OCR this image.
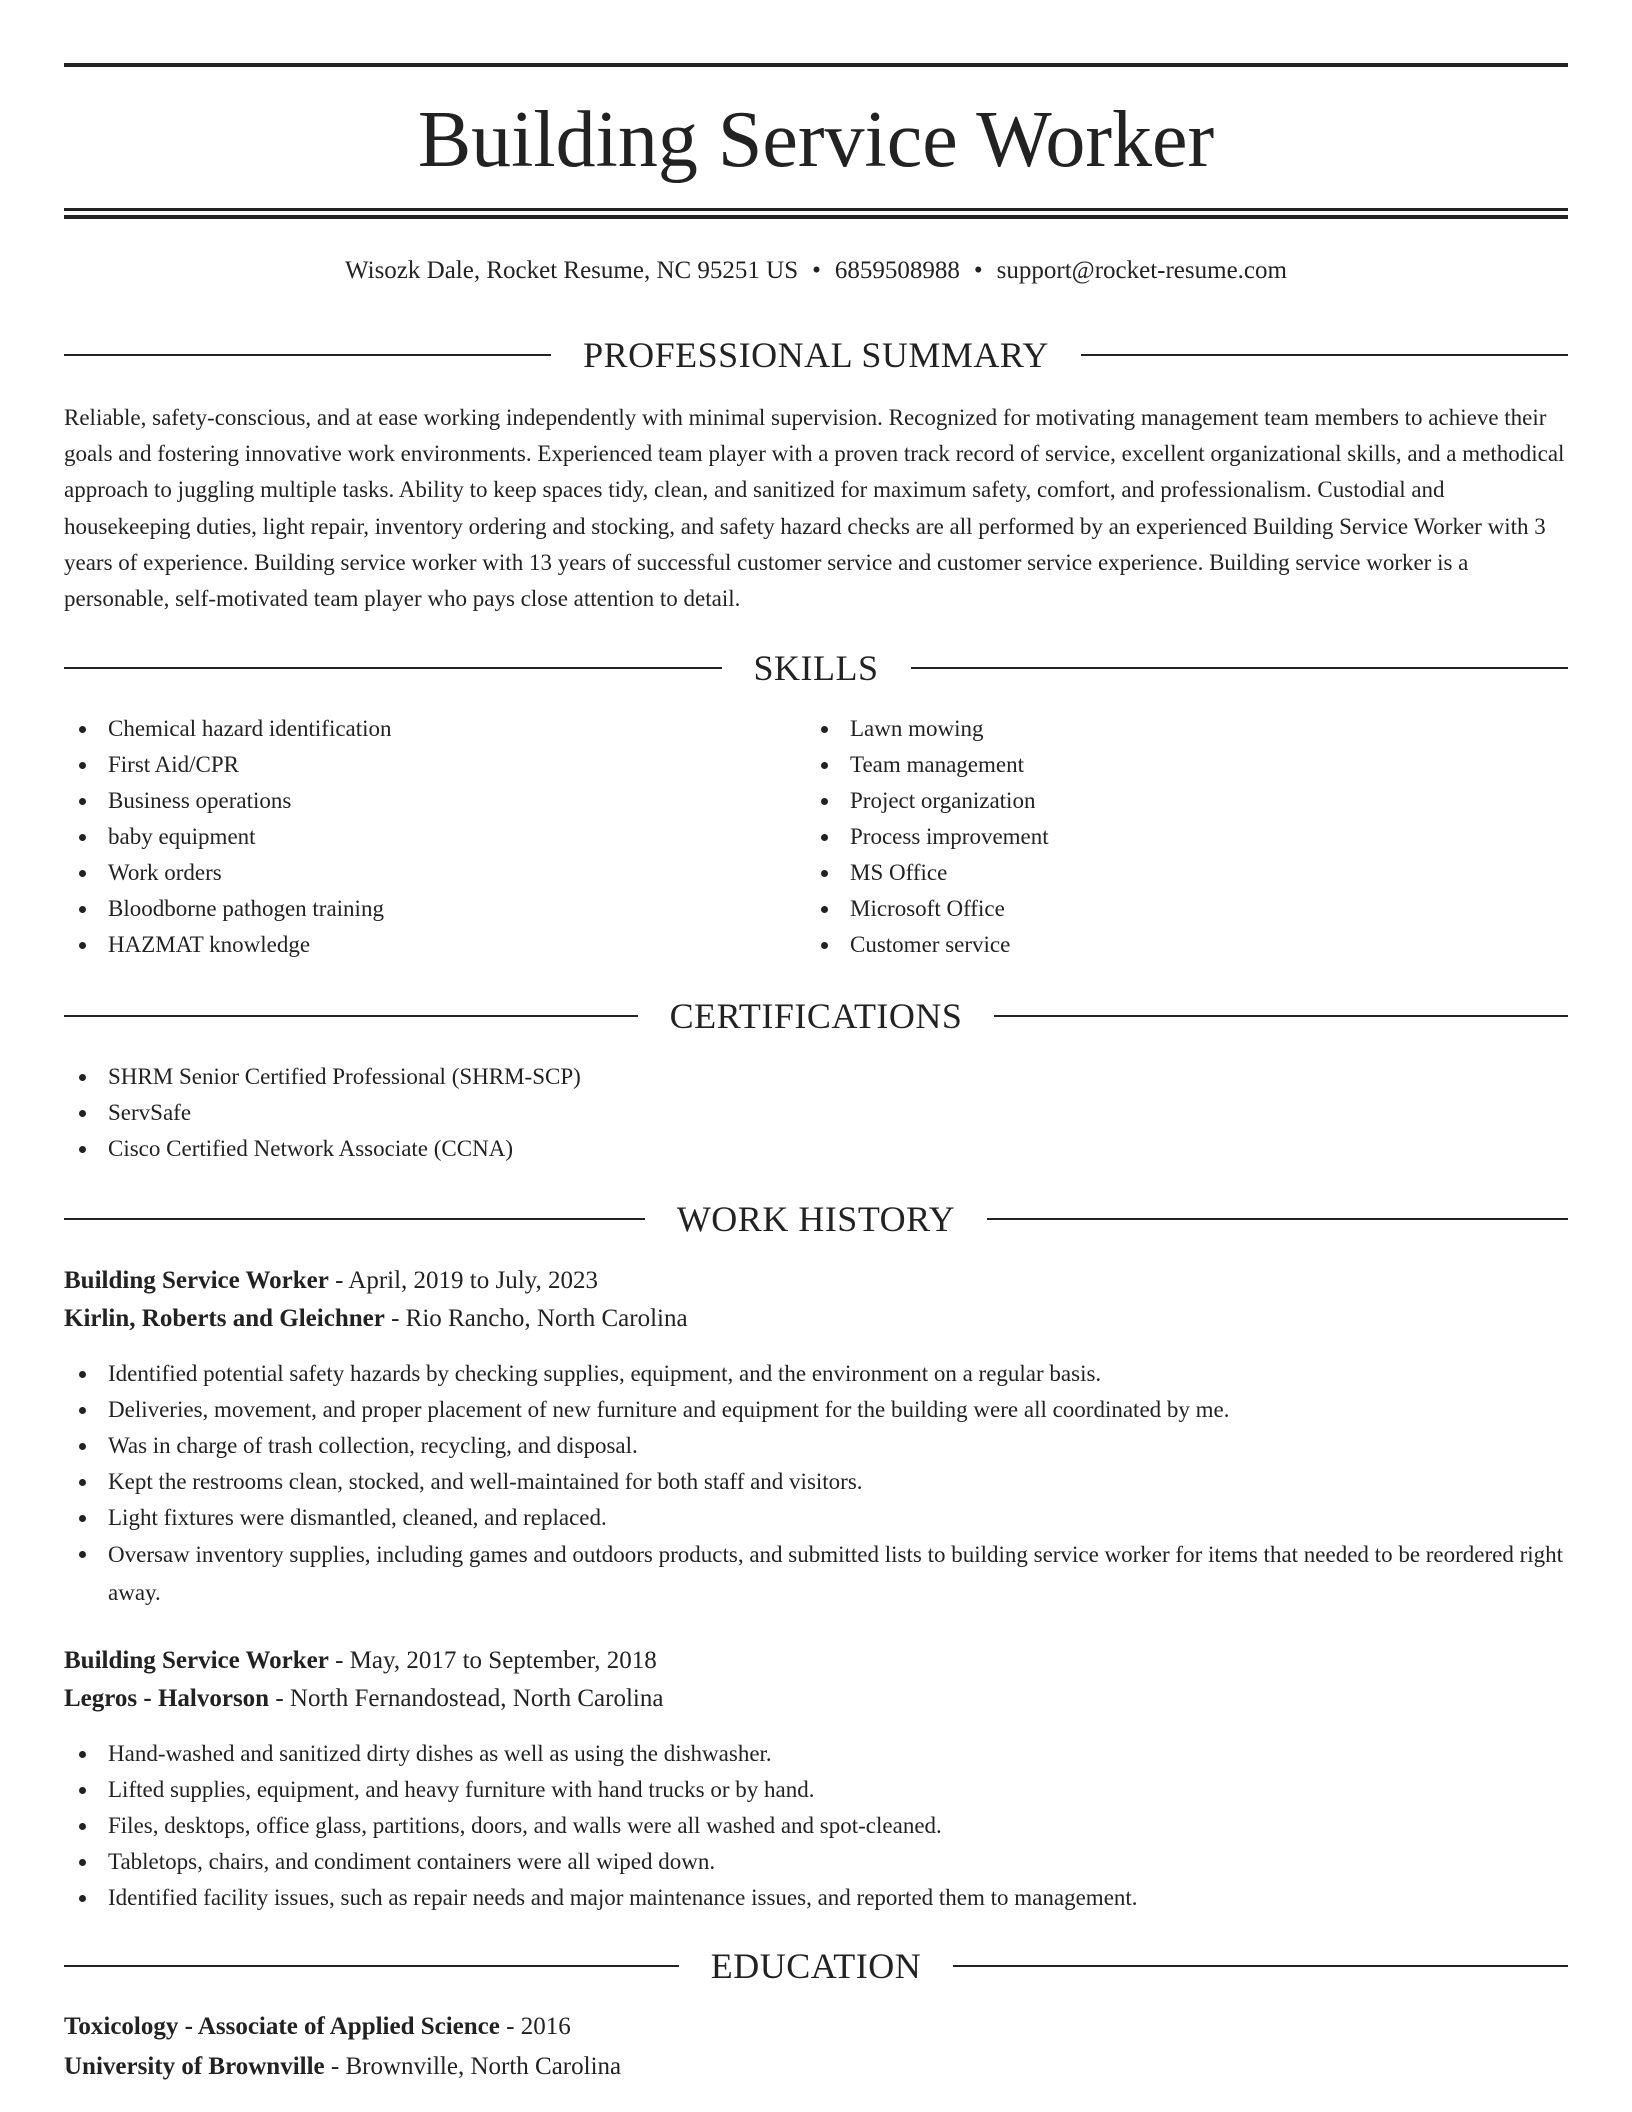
Building Service Worker
Wisozk Dale, Rocket Resume, NC 95251 US • 6859508988 • support@rocket-resume.com
PROFESSIONAL SUMMARY

Reliable, safety-conscious, and at ease working independently with minimal supervision. Recognized for motivating management team members to achieve their goals and fostering innovative work environments. Experienced team player with a proven track record of service, excellent organizational skills, and a methodical approach to juggling multiple tasks. Ability to keep spaces tidy, clean, and sanitized for maximum safety, comfort, and professionalism. Custodial and housekeeping duties, light repair, inventory ordering and stocking, and safety hazard checks are all performed by an experienced Building Service Worker with 3 years of experience. Building service worker with 13 years of successful customer service and customer service experience. Building service worker is a personable, self-motivated team player who pays close attention to detail.

SKILLS
Chemical hazard identification
First Aid/CPR
Business operations
baby equipment
Work orders
Bloodborne pathogen training
HAZMAT knowledge
Lawn mowing
Team management
Project organization
Process improvement
MS Office
Microsoft Office
Customer service
CERTIFICATIONS
SHRM Senior Certified Professional (SHRM-SCP)
ServSafe
Cisco Certified Network Associate (CCNA)
WORK HISTORY
Building Service Worker - April, 2019 to July, 2023
Kirlin, Roberts and Gleichner - Rio Rancho, North Carolina
Identified potential safety hazards by checking supplies, equipment, and the environment on a regular basis.
Deliveries, movement, and proper placement of new furniture and equipment for the building were all coordinated by me.
Was in charge of trash collection, recycling, and disposal.
Kept the restrooms clean, stocked, and well-maintained for both staff and visitors.
Light fixtures were dismantled, cleaned, and replaced.
Oversaw inventory supplies, including games and outdoors products, and submitted lists to building service worker for items that needed to be reordered right away.
Building Service Worker - May, 2017 to September, 2018
Legros - Halvorson - North Fernandostead, North Carolina
Hand-washed and sanitized dirty dishes as well as using the dishwasher.
Lifted supplies, equipment, and heavy furniture with hand trucks or by hand.
Files, desktops, office glass, partitions, doors, and walls were all washed and spot-cleaned.
Tabletops, chairs, and condiment containers were all wiped down.
Identified facility issues, such as repair needs and major maintenance issues, and reported them to management.
EDUCATION
Toxicology - Associate of Applied Science - 2016
University of Brownville - Brownville, North Carolina
